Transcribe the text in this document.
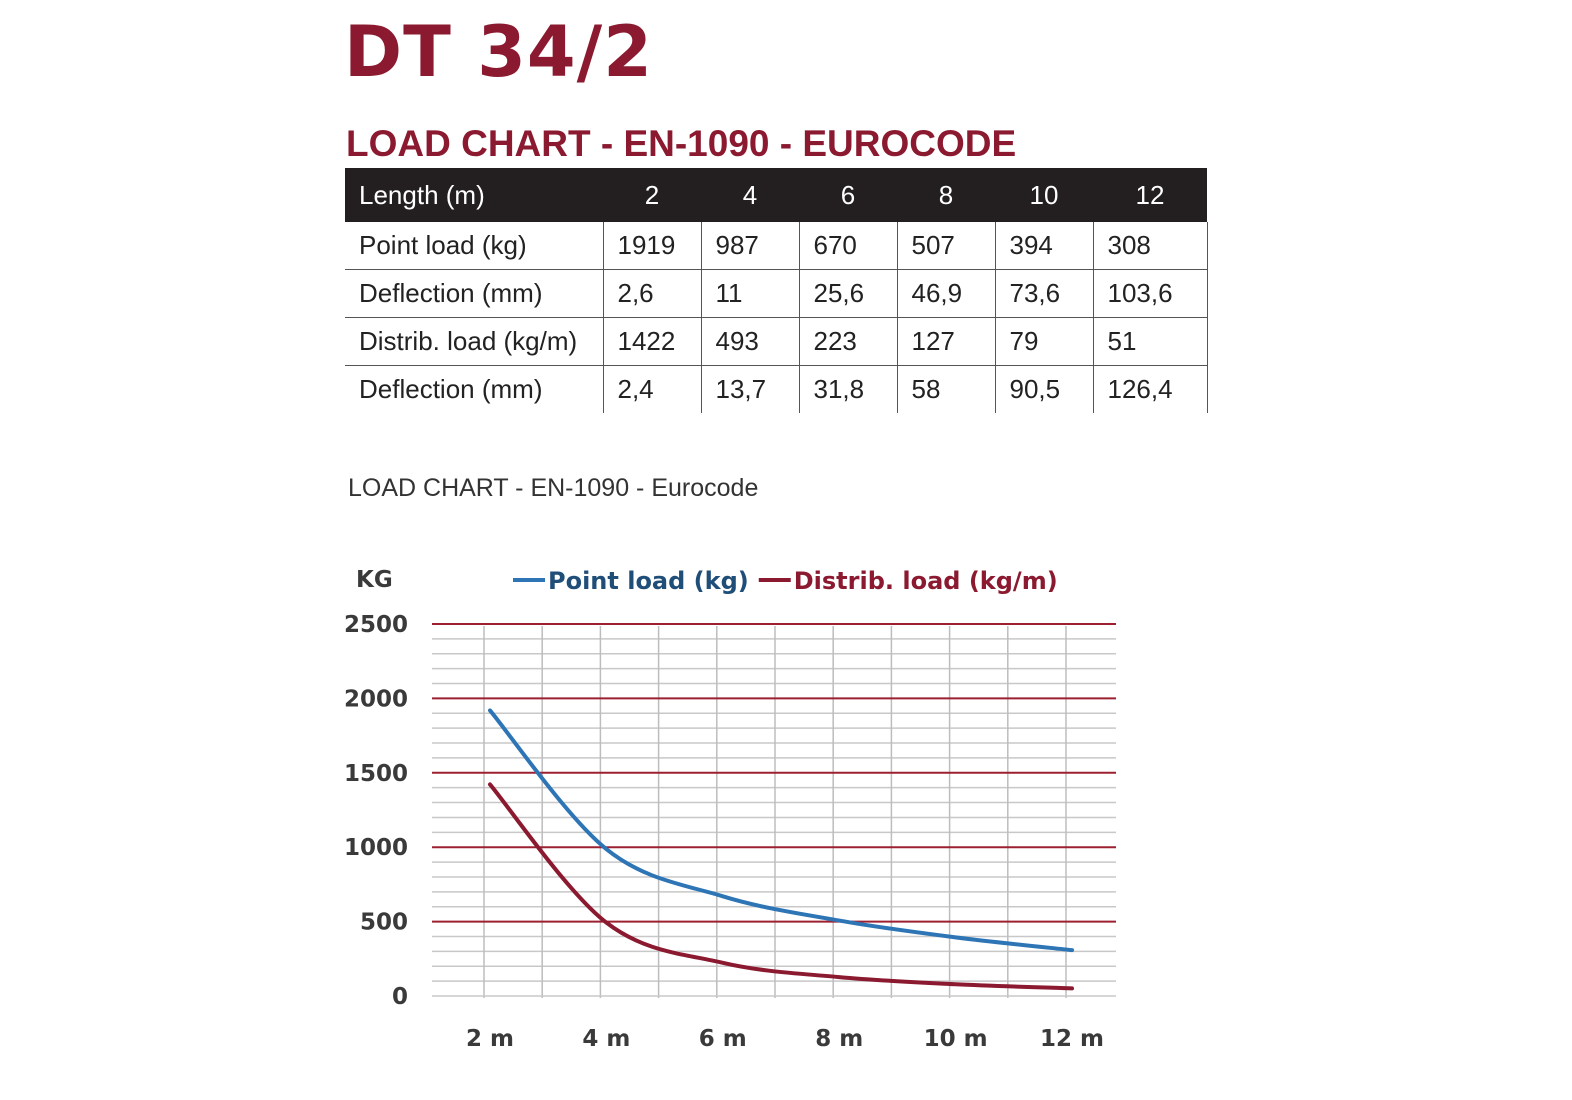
DT 34/2
LOAD CHART - EN-1090 - EUROCODE
Length (m)	2	4	6	8	10	12
Point load (kg)	1919	987	670	507	394	308
Deflection (mm)	2,6	11	25,6	46,9	73,6	103,6
Distrib. load (kg/m)	1422	493	223	127	79	51
Deflection (mm)	2,4	13,7	31,8	58	90,5	126,4
LOAD CHART - EN-1090 - Eurocode
KG
0
500
1000
1500
2000
2500
2 m	4 m	6 m	8 m	10 m 12 m
Point load (kg) Distrib. load (kg/m)
